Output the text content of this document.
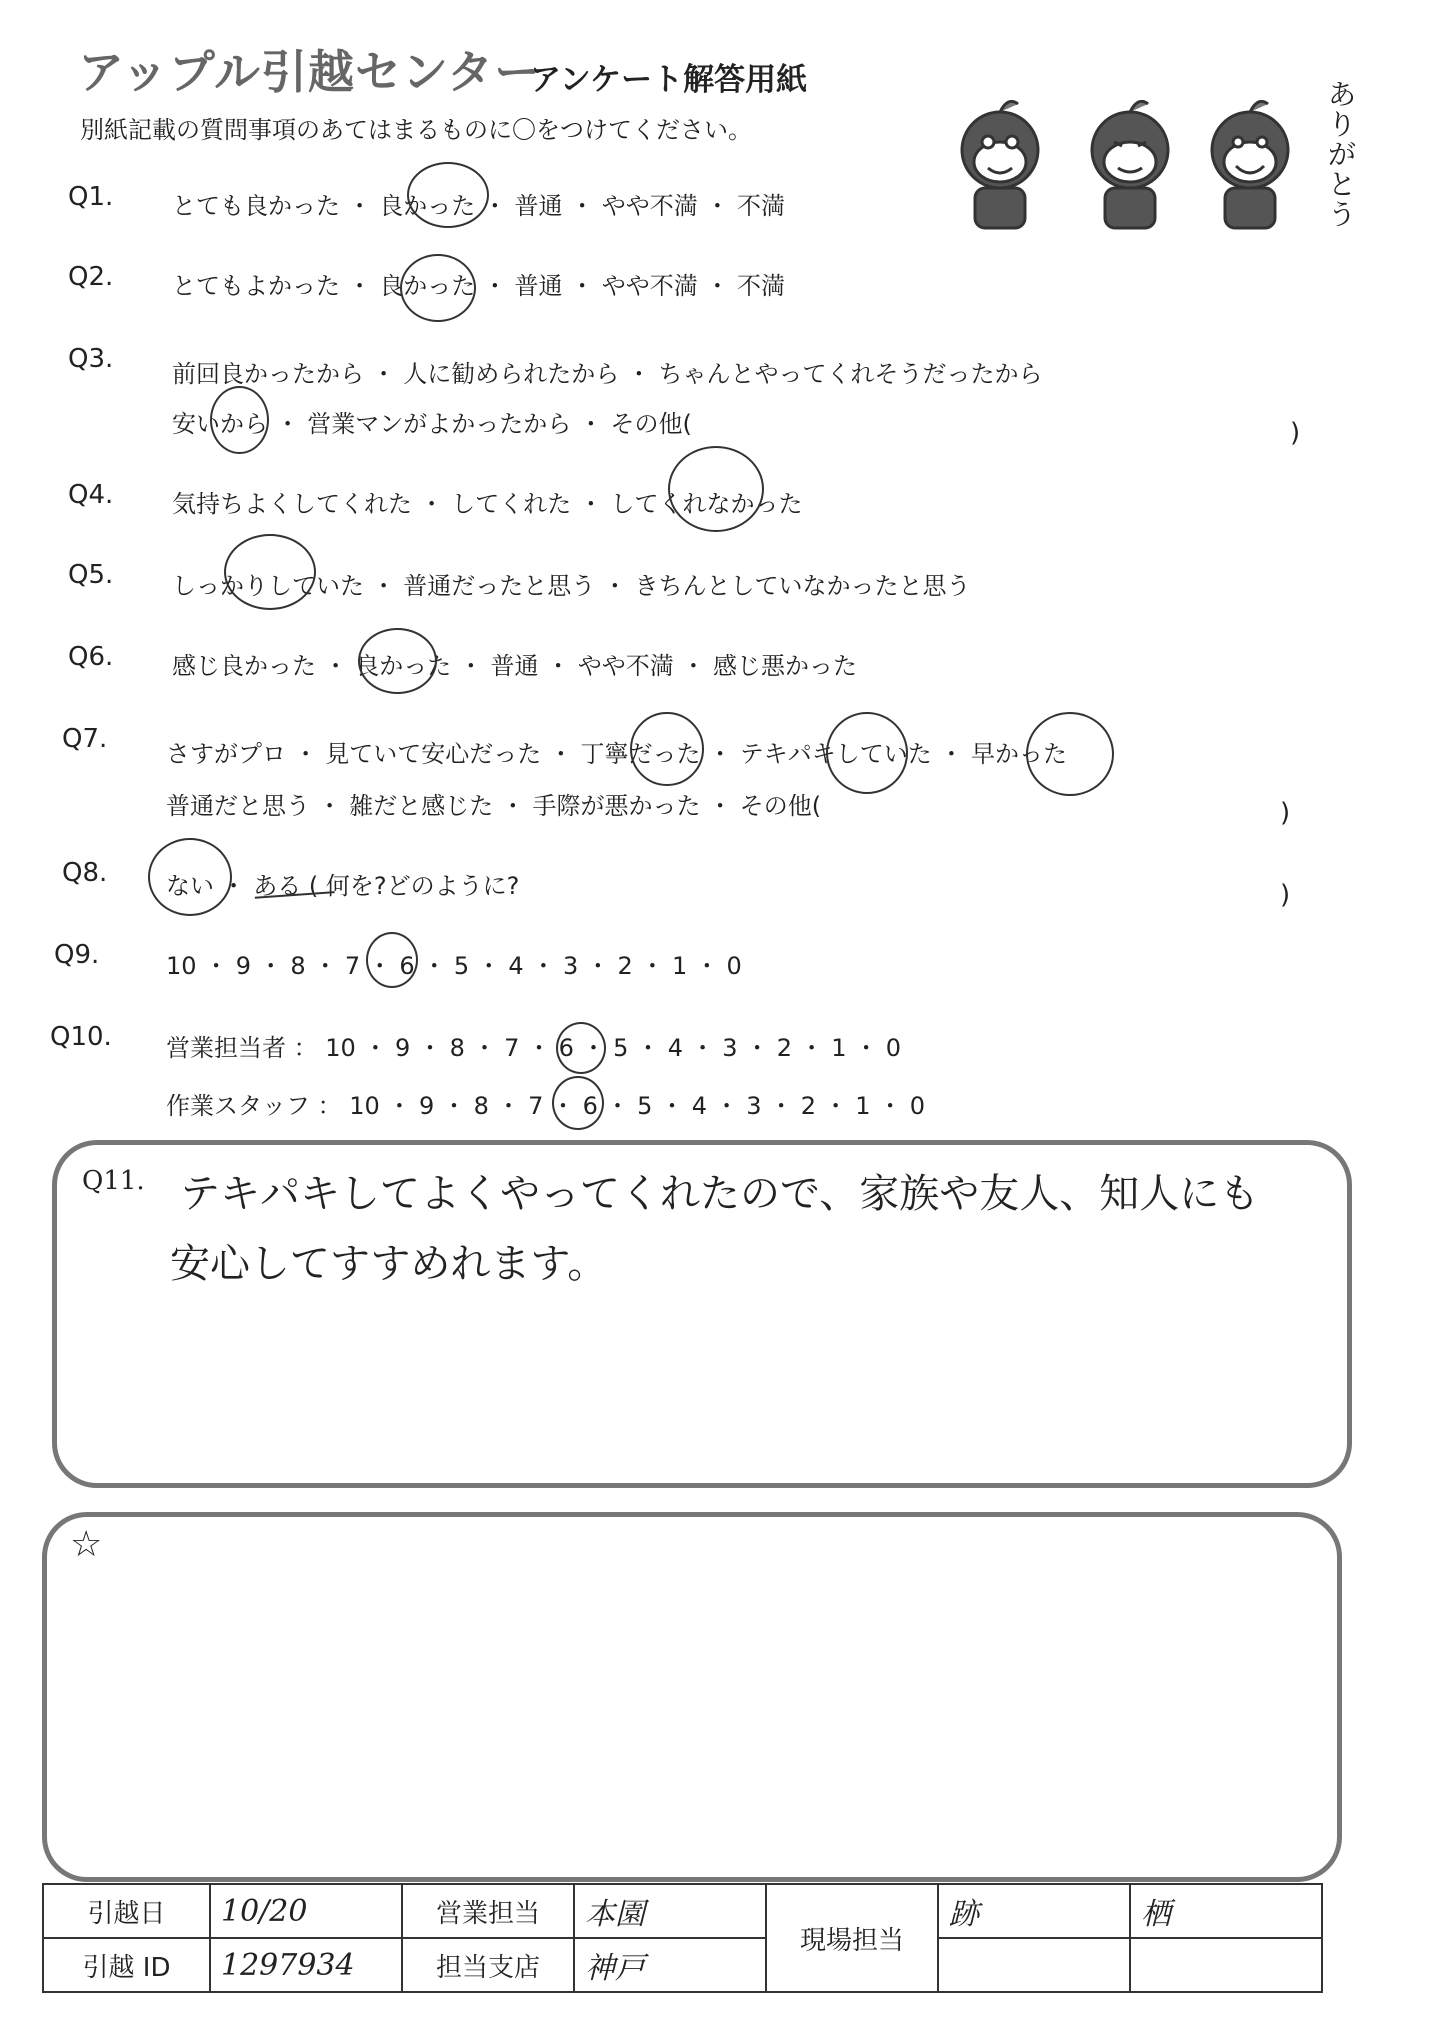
アップル引越センター
アンケート解答用紙
別紙記載の質問事項のあてはまるものに〇をつけてください。
ありがとう
Q1. とても良かった ・ 良かった ・ 普通 ・ やや不満 ・ 不満
Q2. とてもよかった ・ 良かった ・ 普通 ・ やや不満 ・ 不満
Q3. 前回良かったから ・ 人に勧められたから ・ ちゃんとやってくれそうだったから
安いから ・ 営業マンがよかったから ・ その他(	)
Q4. 気持ちよくしてくれた ・ してくれた ・ してくれなかった
Q5. しっかりしていた ・ 普通だったと思う ・ きちんとしていなかったと思う
Q6. 感じ良かった ・ 良かった ・ 普通 ・ やや不満 ・ 感じ悪かった
Q7. さすがプロ ・ 見ていて安心だった ・ 丁寧だった ・ テキパキしていた ・ 早かった
普通だと思う ・ 雑だと感じた ・ 手際が悪かった ・ その他(	)
Q8. ない ・ ある ( 何を?どのように?	)
Q9.	10 ・ 9 ・ 8 ・ 7 ・ 6 ・ 5 ・ 4 ・ 3 ・ 2 ・ 1 ・ 0
Q10. 営業担当者 ： 10 ・ 9 ・ 8 ・ 7 ・ 6 ・ 5 ・ 4 ・ 3 ・ 2 ・ 1 ・ 0
作業スタッフ ： 10 ・ 9 ・ 8 ・ 7 ・ 6 ・ 5 ・ 4 ・ 3 ・ 2 ・ 1 ・ 0
Q11. テキパキしてよくやってくれたので、家族や友人、知人にも
安心してすすめれます。
☆
引越日	10/20	営業担当	本園	現場担当	跡	栖
引越 ID	1297934	担当支店	神戸			
